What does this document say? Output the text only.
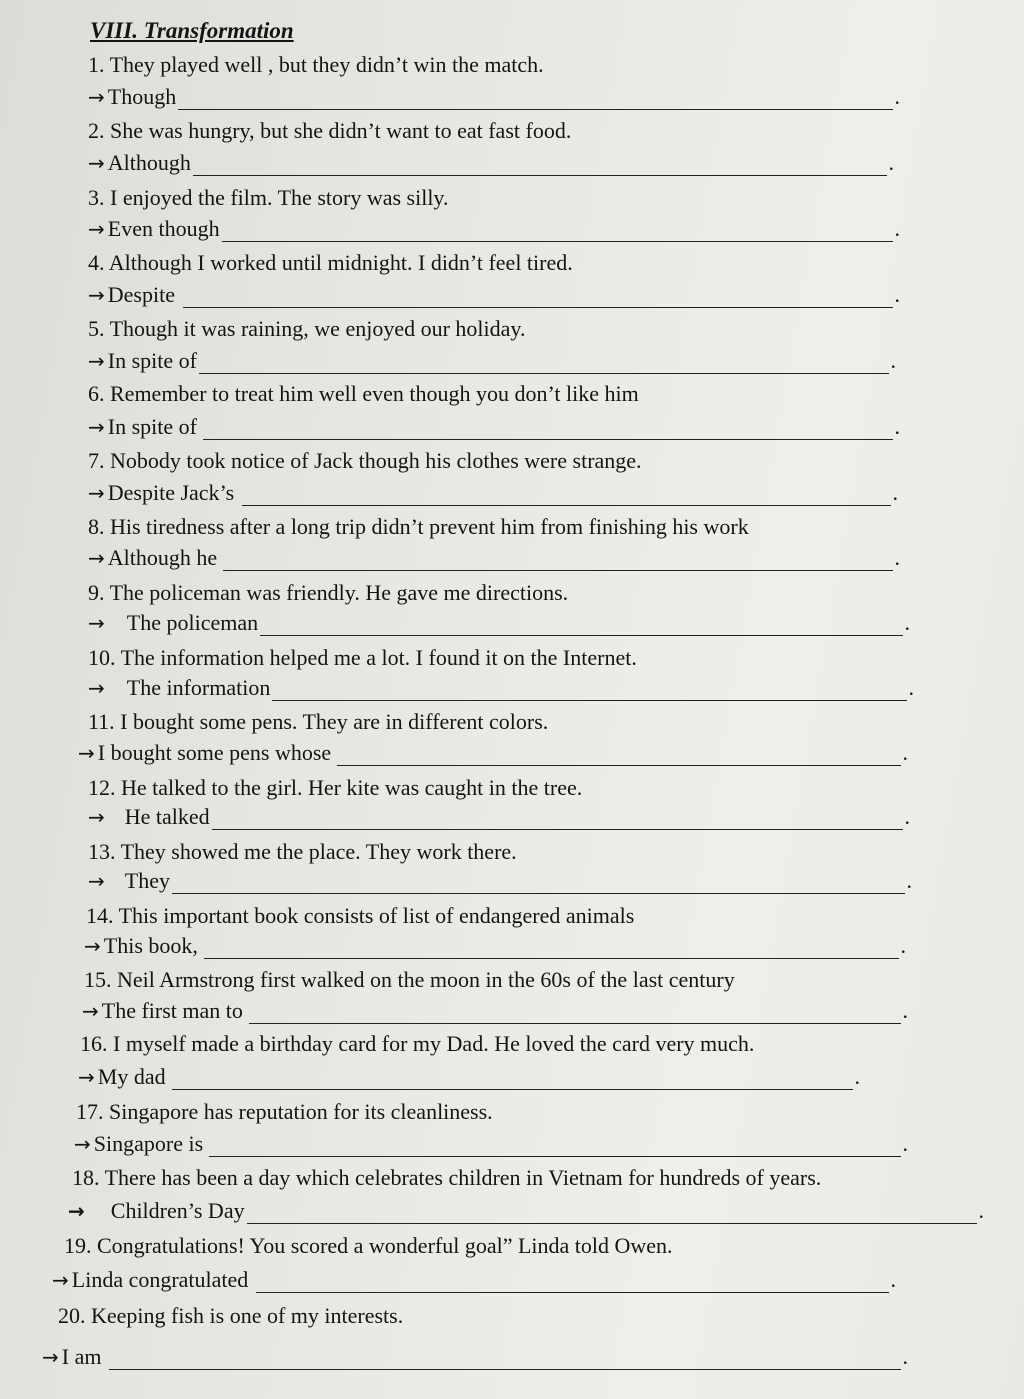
VIII. Transformation
1. They played well , but they didn’t win the match.
→ Though	.
2. She was hungry, but she didn’t want to eat fast food.
→ Although	.
3. I enjoyed the film. The story was silly.
→ Even though	.
4. Although I worked until midnight. I didn’t feel tired.
→ Despite	.
5. Though it was raining, we enjoyed our holiday.
→ In spite of	.
6. Remember to treat him well even though you don’t like him
→ In spite of	.
7. Nobody took notice of Jack though his clothes were strange.
→ Despite Jack’s	.
8. His tiredness after a long trip didn’t prevent him from finishing his work
→ Although he	.
9. The policeman was friendly. He gave me directions.
→ The policeman	.
10. The information helped me a lot. I found it on the Internet.
→ The information	.
11. I bought some pens. They are in different colors.
→ I bought some pens whose	.
12. He talked to the girl. Her kite was caught in the tree.
→ He talked	.
13. They showed me the place. They work there.
→ They	.
14. This important book consists of list of endangered animals
→ This book,	.
15. Neil Armstrong first walked on the moon in the 60s of the last century
→ The first man to	.
16. I myself made a birthday card for my Dad. He loved the card very much.
→ My dad	.
17. Singapore has reputation for its cleanliness.
→ Singapore is	.
18. There has been a day which celebrates children in Vietnam for hundreds of years.
→ Children’s Day	.
19. Congratulations! You scored a wonderful goal” Linda told Owen.
→ Linda congratulated	.
20. Keeping fish is one of my interests.
→ I am	.
